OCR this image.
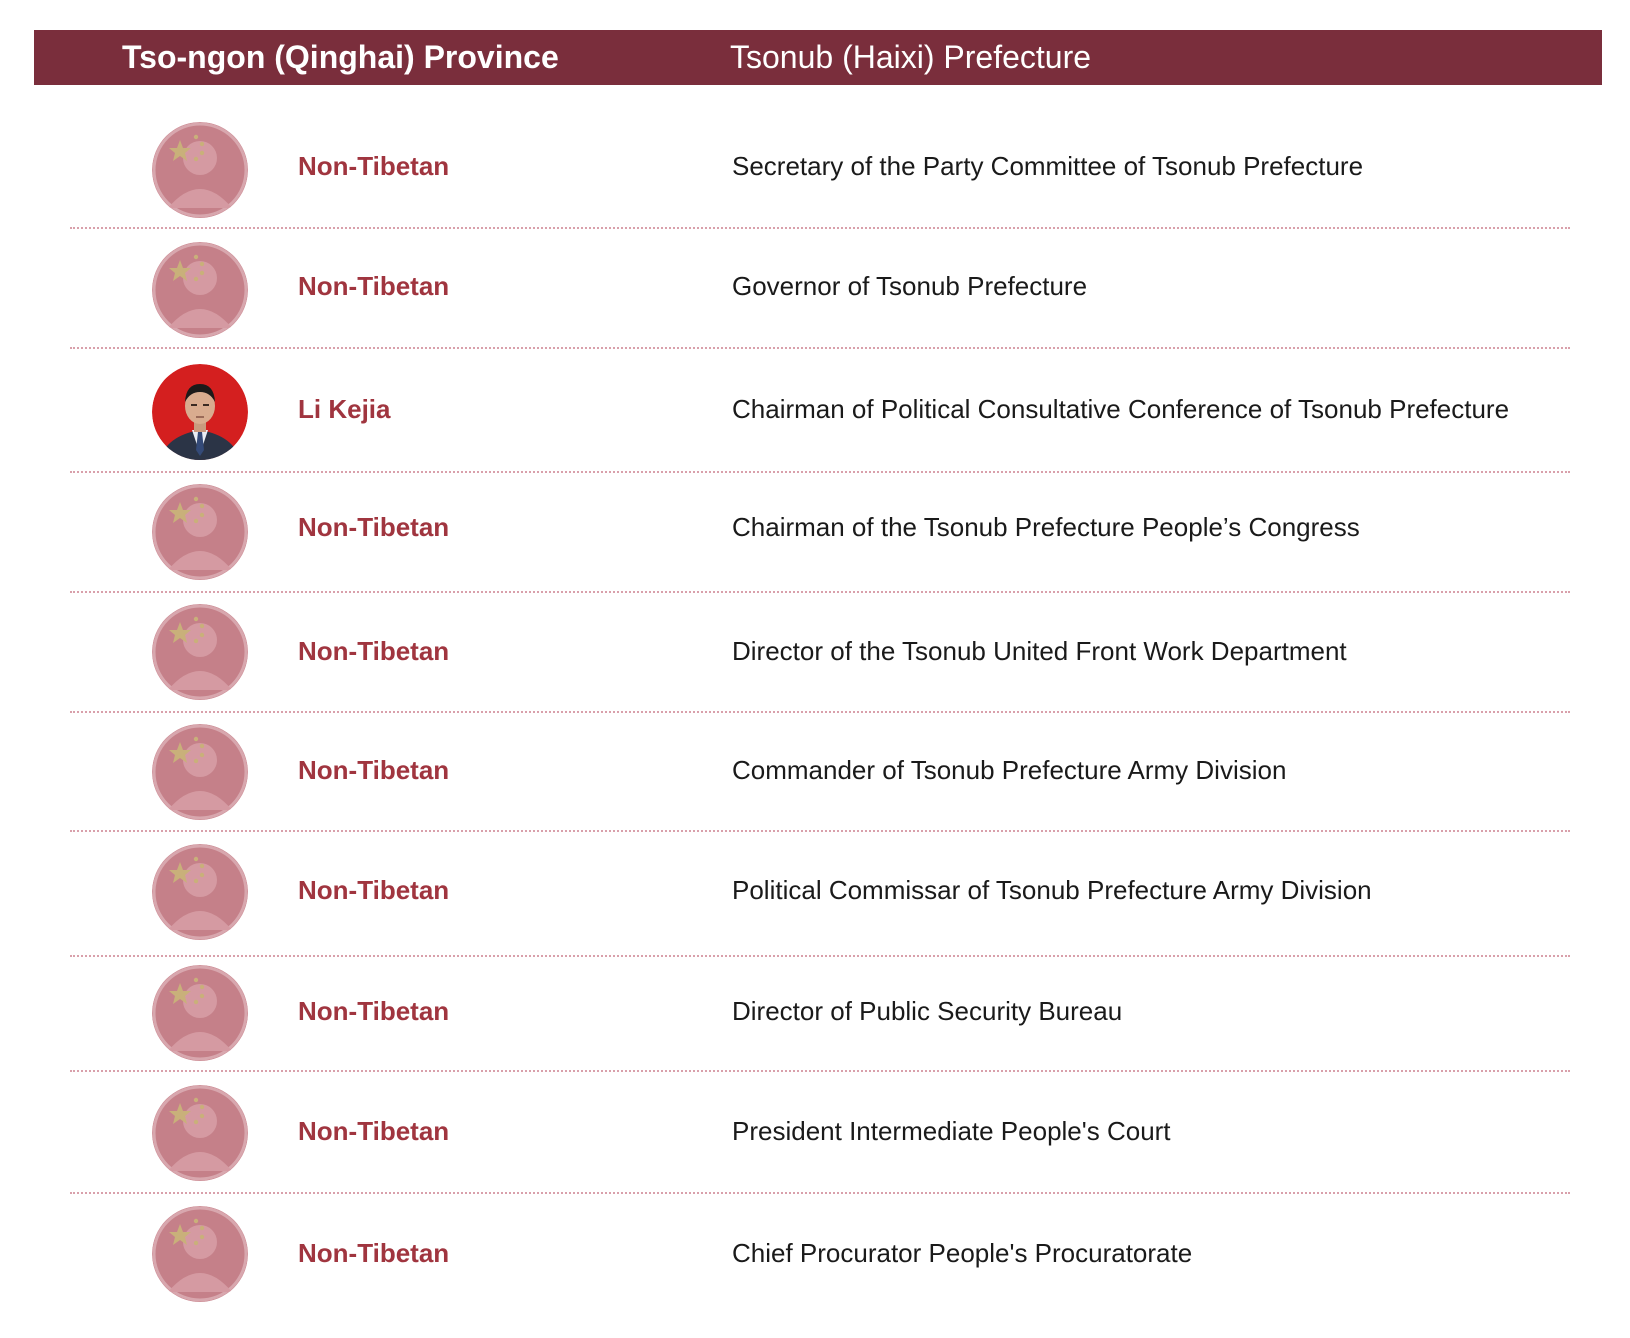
Tso-ngon (Qinghai) Province	Tsonub (Haixi) Prefecture
Non-Tibetan	Secretary of the Party Committee of Tsonub Prefecture
Non-Tibetan	Governor of Tsonub Prefecture
Li Kejia	Chairman of Political Consultative Conference of Tsonub Prefecture
Non-Tibetan	Chairman of the Tsonub Prefecture People’s Congress
Non-Tibetan	Director of the Tsonub United Front Work Department
Non-Tibetan	Commander of Tsonub Prefecture Army Division
Non-Tibetan	Political Commissar of Tsonub Prefecture Army Division
Non-Tibetan	Director of Public Security Bureau
Non-Tibetan	President Intermediate People's Court
Non-Tibetan	Chief Procurator People's Procuratorate
